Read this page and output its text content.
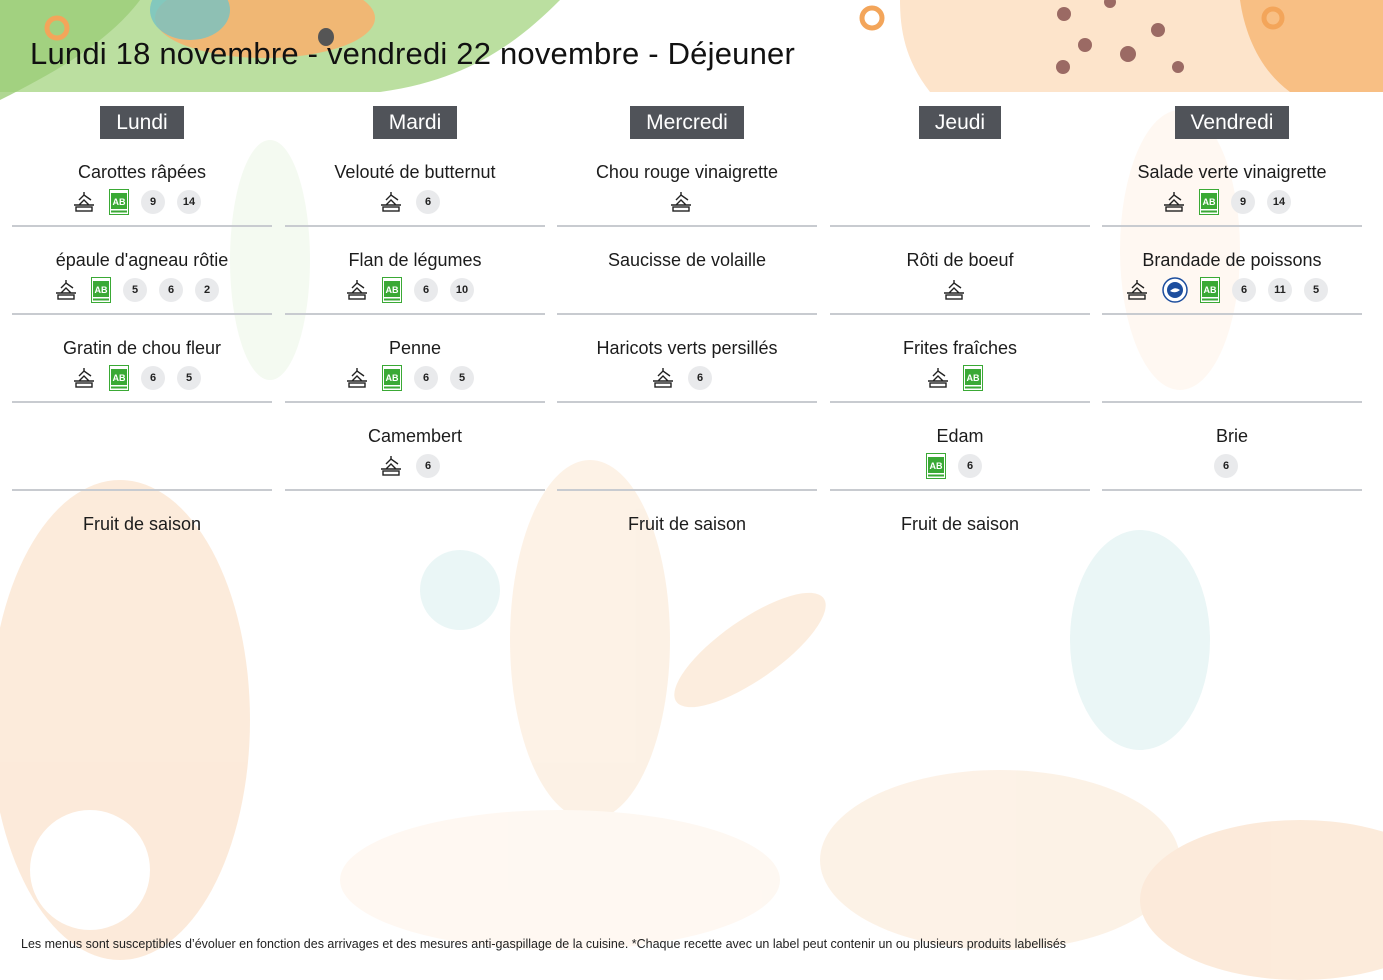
Lundi 18 novembre - vendredi 22 novembre - Déjeuner
Lundi
Carottes râpées
AB	9	14
épaule d'agneau rôtie
AB	5	6	2
Gratin de chou fleur
AB	6	5
Fruit de saison
Mardi
Velouté de butternut
6
Flan de légumes
AB	6	10
Penne
AB	6	5
Camembert
6
Mercredi
Chou rouge vinaigrette
Saucisse de volaille
Haricots verts persillés
6
Fruit de saison
Jeudi
Rôti de boeuf
Frites fraîches
AB
Edam
AB	6
Fruit de saison
Vendredi
Salade verte vinaigrette
AB	9	14
Brandade de poissons
AB	6	11	5
Brie
6
Les menus sont susceptibles d’évoluer en fonction des arrivages et des mesures anti-gaspillage de la cuisine. *Chaque recette avec un label peut contenir un ou plusieurs produits labellisés
